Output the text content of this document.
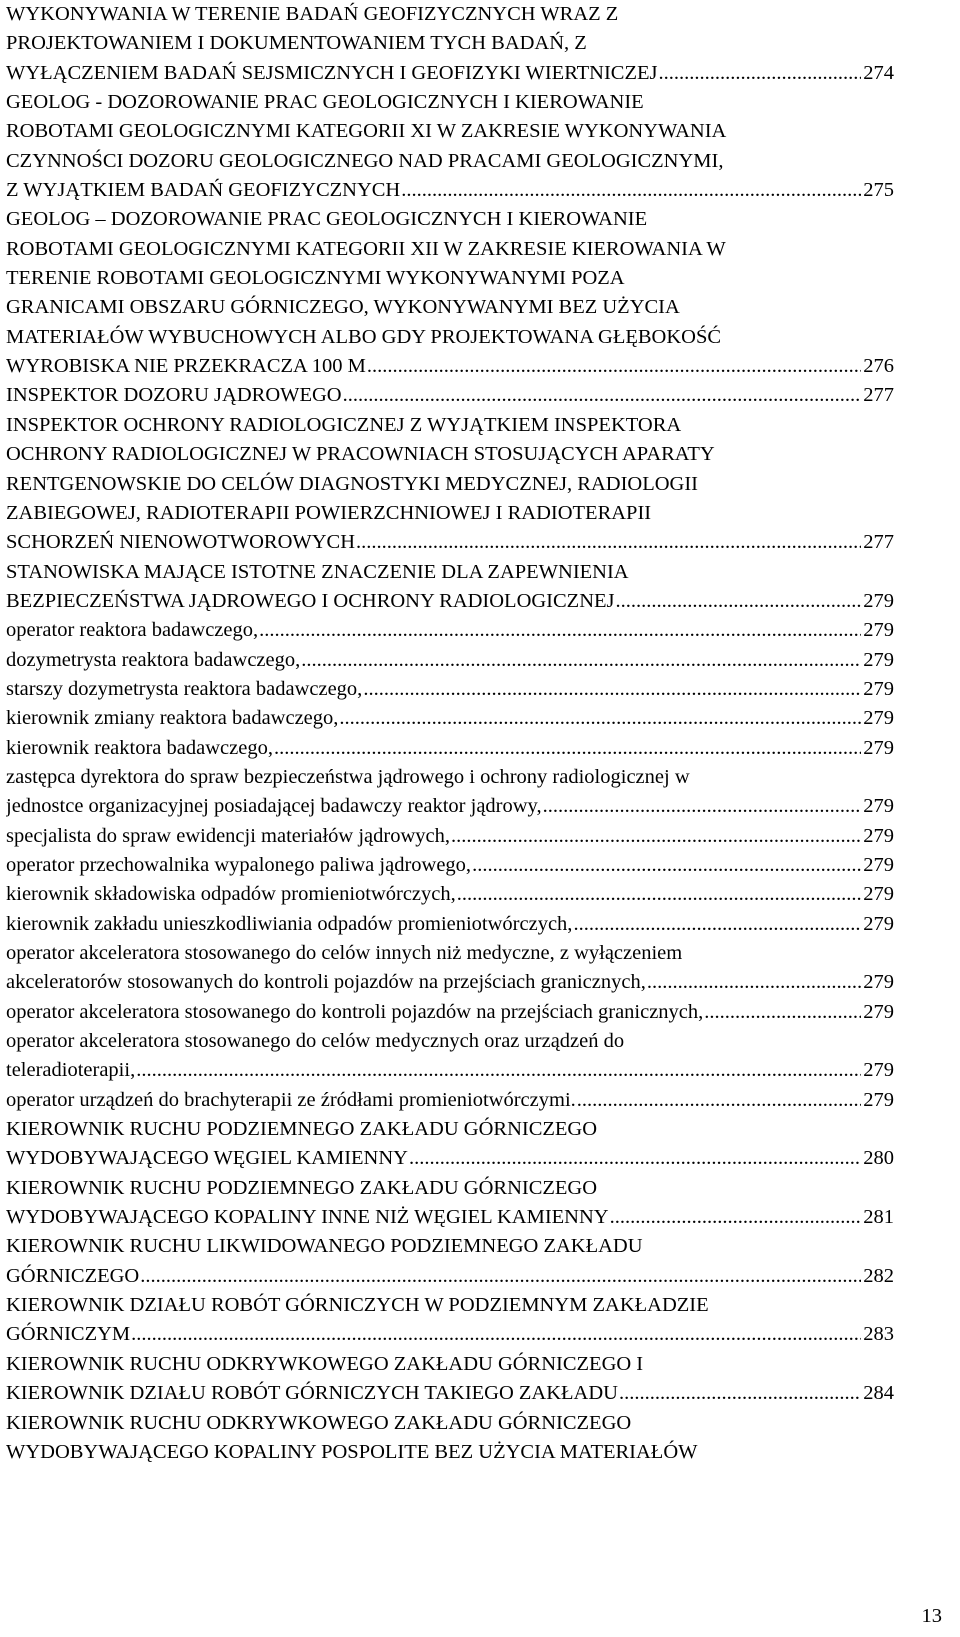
WYKONYWANIA W TERENIE BADAŃ GEOFIZYCZNYCH WRAZ Z
PROJEKTOWANIEM I DOKUMENTOWANIEM TYCH BADAŃ, Z
WYŁĄCZENIEM BADAŃ SEJSMICZNYCH I GEOFIZYKI WIERTNICZEJ .....	274
GEOLOG - DOZOROWANIE PRAC GEOLOGICZNYCH I KIEROWANIE
ROBOTAMI GEOLOGICZNYMI KATEGORII XI W ZAKRESIE WYKONYWANIA
CZYNNOŚCI DOZORU GEOLOGICZNEGO NAD PRACAMI GEOLOGICZNYMI,
Z WYJĄTKIEM BADAŃ GEOFIZYCZNYCH .....	275
GEOLOG – DOZOROWANIE PRAC GEOLOGICZNYCH I KIEROWANIE
ROBOTAMI GEOLOGICZNYMI KATEGORII XII W ZAKRESIE KIEROWANIA W
TERENIE ROBOTAMI GEOLOGICZNYMI WYKONYWANYMI POZA
GRANICAMI OBSZARU GÓRNICZEGO, WYKONYWANYMI BEZ UŻYCIA
MATERIAŁÓW WYBUCHOWYCH ALBO GDY PROJEKTOWANA GŁĘBOKOŚĆ
WYROBISKA NIE PRZEKRACZA 100 M .....	276
INSPEKTOR DOZORU JĄDROWEGO .....	277
INSPEKTOR OCHRONY RADIOLOGICZNEJ Z WYJĄTKIEM INSPEKTORA
OCHRONY RADIOLOGICZNEJ W PRACOWNIACH STOSUJĄCYCH APARATY
RENTGENOWSKIE DO CELÓW DIAGNOSTYKI MEDYCZNEJ, RADIOLOGII
ZABIEGOWEJ, RADIOTERAPII POWIERZCHNIOWEJ I RADIOTERAPII
SCHORZEŃ NIENOWOTWOROWYCH .....	277
STANOWISKA MAJĄCE ISTOTNE ZNACZENIE DLA ZAPEWNIENIA
BEZPIECZEŃSTWA JĄDROWEGO I OCHRONY RADIOLOGICZNEJ .....	279
operator reaktora badawczego, .....	279
dozymetrysta reaktora badawczego, .....	279
starszy dozymetrysta reaktora badawczego, .....	279
kierownik zmiany reaktora badawczego, .....	279
kierownik reaktora badawczego, .....	279
zastępca dyrektora do spraw bezpieczeństwa jądrowego i ochrony radiologicznej w
jednostce organizacyjnej posiadającej badawczy reaktor jądrowy, .....	279
specjalista do spraw ewidencji materiałów jądrowych, .....	279
operator przechowalnika wypalonego paliwa jądrowego, .....	279
kierownik składowiska odpadów promieniotwórczych, .....	279
kierownik zakładu unieszkodliwiania odpadów promieniotwórczych, .....	279
operator akceleratora stosowanego do celów innych niż medyczne, z wyłączeniem
akceleratorów stosowanych do kontroli pojazdów na przejściach granicznych, .....	279
operator akceleratora stosowanego do kontroli pojazdów na przejściach granicznych, .....	279
operator akceleratora stosowanego do celów medycznych oraz urządzeń do
teleradioterapii, .....	279
operator urządzeń do brachyterapii ze źródłami promieniotwórczymi. .....	279
KIEROWNIK RUCHU PODZIEMNEGO ZAKŁADU GÓRNICZEGO
WYDOBYWAJĄCEGO WĘGIEL KAMIENNY .....	280
KIEROWNIK RUCHU PODZIEMNEGO ZAKŁADU GÓRNICZEGO
WYDOBYWAJĄCEGO KOPALINY INNE NIŻ WĘGIEL KAMIENNY .....	281
KIEROWNIK RUCHU LIKWIDOWANEGO PODZIEMNEGO ZAKŁADU
GÓRNICZEGO .....	282
KIEROWNIK DZIAŁU ROBÓT GÓRNICZYCH W PODZIEMNYM ZAKŁADZIE
GÓRNICZYM .....	283
KIEROWNIK RUCHU ODKRYWKOWEGO ZAKŁADU GÓRNICZEGO I
KIEROWNIK DZIAŁU ROBÓT GÓRNICZYCH TAKIEGO ZAKŁADU .....	284
KIEROWNIK RUCHU ODKRYWKOWEGO ZAKŁADU GÓRNICZEGO
WYDOBYWAJĄCEGO KOPALINY POSPOLITE BEZ UŻYCIA MATERIAŁÓW
13
